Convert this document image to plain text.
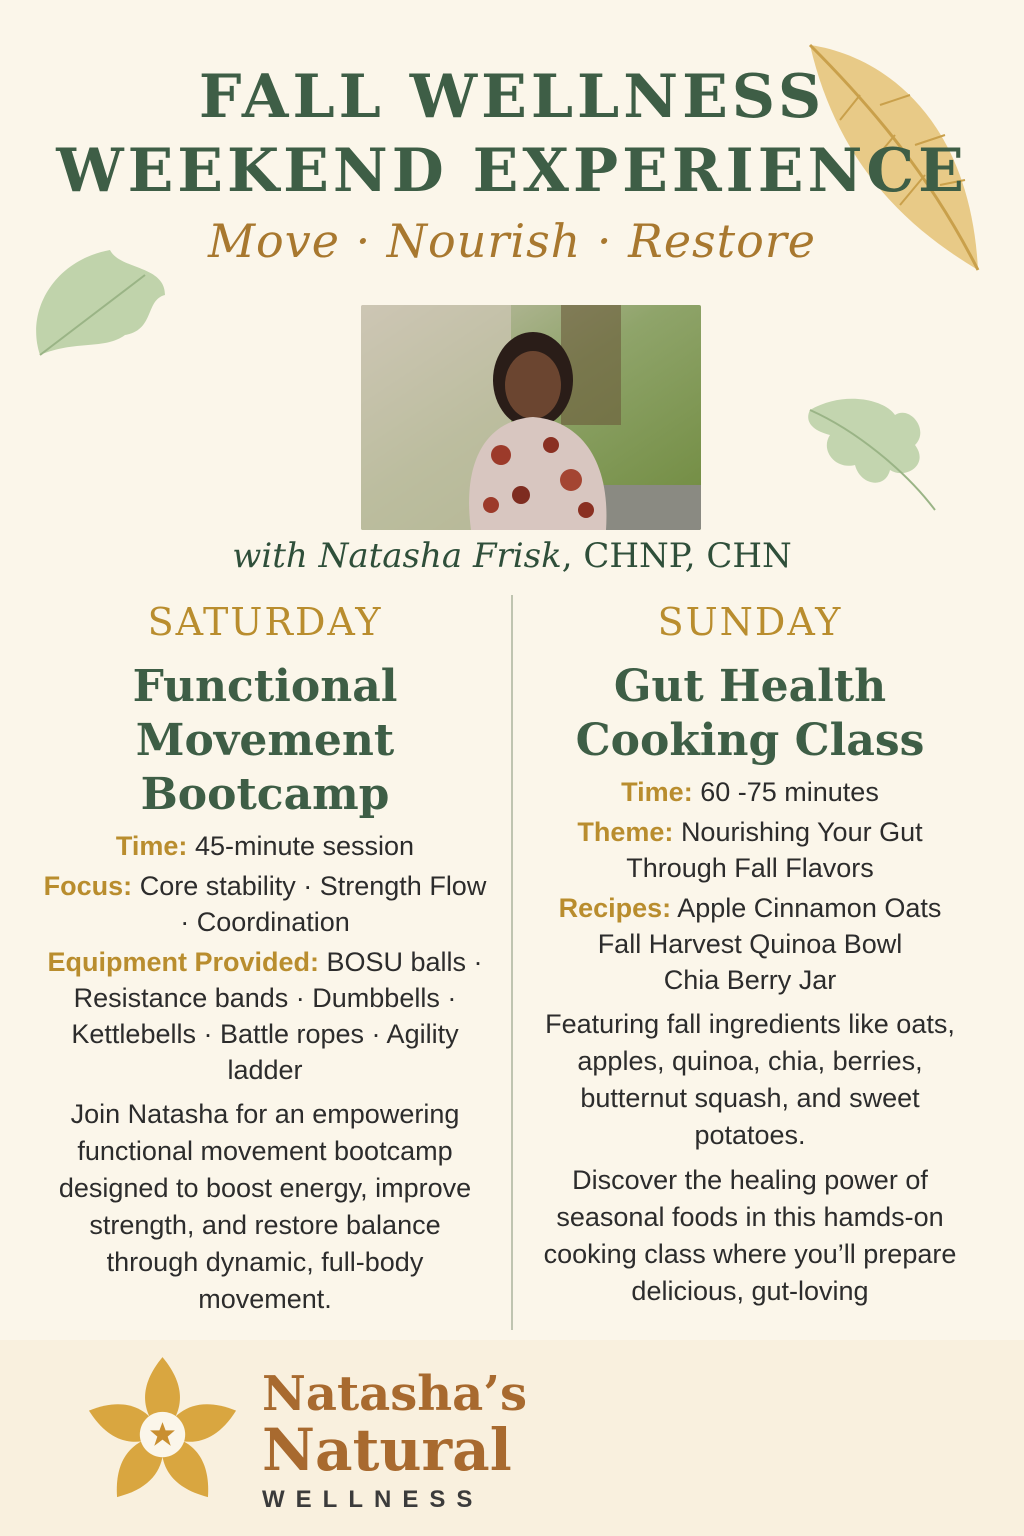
FALL WELLNESS
WEEKEND EXPERIENCE
Move · Nourish · Restore
with Natasha Frisk, CHNP, CHN
SATURDAY
Functional
Movement
Bootcamp
Time: 45-minute session
Focus: Core stability · Strength Flow · Coordination
Equipment Provided: BOSU balls · Resistance bands · Dumbbells · Kettlebells · Battle ropes · Agility ladder
Join Natasha for an empowering functional movement bootcamp designed to boost energy, improve strength, and restore balance through dynamic, full-body movement.
SUNDAY
Gut Health
Cooking Class
Time: 60 -75 minutes
Theme: Nourishing Your Gut Through Fall Flavors
Recipes: Apple Cinnamon Oats
Fall Harvest Quinoa Bowl
Chia Berry Jar
Featuring fall ingredients like oats, apples, quinoa, chia, berries, butternut squash, and sweet potatoes.
Discover the healing power of seasonal foods in this hamds-on cooking class where you’ll prepare delicious, gut-loving
Natasha’s
Natural
WELLNESS
